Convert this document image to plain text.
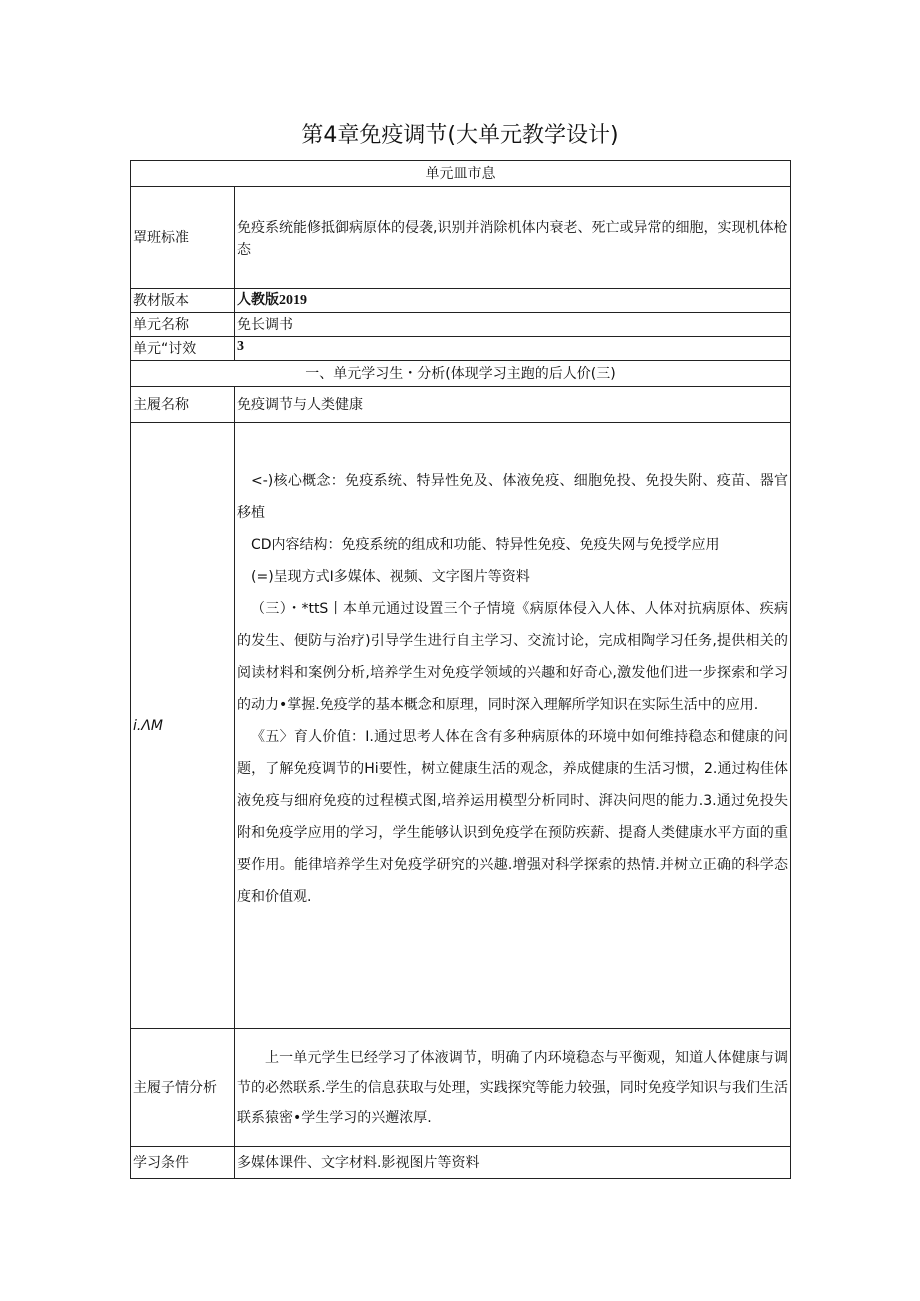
第4章免疫调节(大单元教学设计)
单元皿市息	
罩班标准	免疫系统能修抵御病原体的侵袭,识别并消除机体内衰老、死亡或异常的细胞，实现机体枪态
教材版本	人教版2019
单元名称	免长调书
单元“讨效	3
一、单元学习生・分析(体现学习主跑的后人价(三)	
主履名称	免疫调节与人类健康
i.ΛM	<-)核心概念：免疫系统、特异性免及、体液免疫、细胞免投、免投失附、疫苗、器官移植

CD内容结构：免疫系统的组成和功能、特异性免疫、免疫失网与免授学应用

(=)呈现方式I多媒体、视频、文字图片等资料

（三）・*ttS丨本单元通过设置三个子情境《病原体侵入人体、人体对抗病原体、疾病的发生、便防与治疗)引导学生进行自主学习、交流讨论，完成相陶学习任务,提供相关的阅读材料和案例分析,培养学生对免疫学领域的兴趣和好奇心,激发他们进一步探索和学习的动力•掌握.免疫学的基本概念和原理，同时深入理解所学知识在实际生活中的应用.

《五〉育人价值：I.通过思考人体在含有多种病原体的环境中如何维持稳态和健康的问题，了解免疫调节的Hi要性，树立健康生活的观念，养成健康的生活习惯，2.通过构佳体液免疫与细府免疫的过程模式图,培养运用模型分析同时、湃决问咫的能力.3.通过免投失附和免疫学应用的学习，学生能够认识到免疫学在预防疾薪、提裔人类健康水平方面的重要作用。能律培养学生对免疫学研究的兴趣.增强对科学探索的热情.并树立正确的科学态度和价值观.

主履子情分析	上一单元学生巳经学习了体液调节，明确了内环境稳态与平衡观，知道人体健康与调节的必然联系.学生的信息获取与处理，实践探究等能力较强，同时免疫学知识与我们生活联系猿密•学生学习的兴邂浓厚.

学习条件	多媒体课件、文字材料.影视图片等资料
